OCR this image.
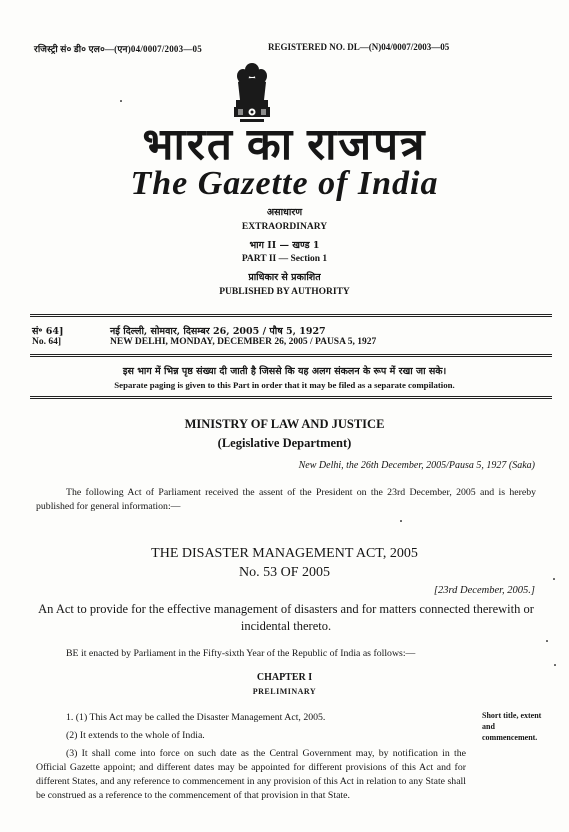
रजिस्ट्री सं० डी० एल०—(एन)04/0007/2003—05	REGISTERED NO. DL—(N)04/0007/2003—05
भारत का राजपत्र
The Gazette of India
असाधारण
EXTRAORDINARY
भाग II — खण्ड 1
PART II — Section 1
प्राधिकार से प्रकाशित
PUBLISHED BY AUTHORITY
सं॰ 64]
No. 64]
नई दिल्ली, सोमवार, दिसम्बर 26, 2005 / पौष 5, 1927
NEW DELHI, MONDAY, DECEMBER 26, 2005 / PAUSA 5, 1927
इस भाग में भिन्न पृष्ठ संख्या दी जाती है जिससे कि यह अलग संकलन के रूप में रखा जा सके।
Separate paging is given to this Part in order that it may be filed as a separate compilation.
MINISTRY OF LAW AND JUSTICE
(Legislative Department)
New Delhi, the 26th December, 2005/Pausa 5, 1927 (Saka)
The following Act of Parliament received the assent of the President on the 23rd December, 2005 and is hereby published for general information:—
THE DISASTER MANAGEMENT ACT, 2005
No. 53 OF 2005
[23rd December, 2005.]
An Act to provide for the effective management of disasters and for matters connected therewith or incidental thereto.
BE it enacted by Parliament in the Fifty-sixth Year of the Republic of India as follows:—
CHAPTER I
PRELIMINARY
1. (1) This Act may be called the Disaster Management Act, 2005.
(2) It extends to the whole of India.
(3) It shall come into force on such date as the Central Government may, by notification in the Official Gazette appoint; and different dates may be appointed for different provisions of this Act and for different States, and any reference to commencement in any provision of this Act in relation to any State shall be construed as a reference to the commencement of that provision in that State.
Short title, extent and commencement.
